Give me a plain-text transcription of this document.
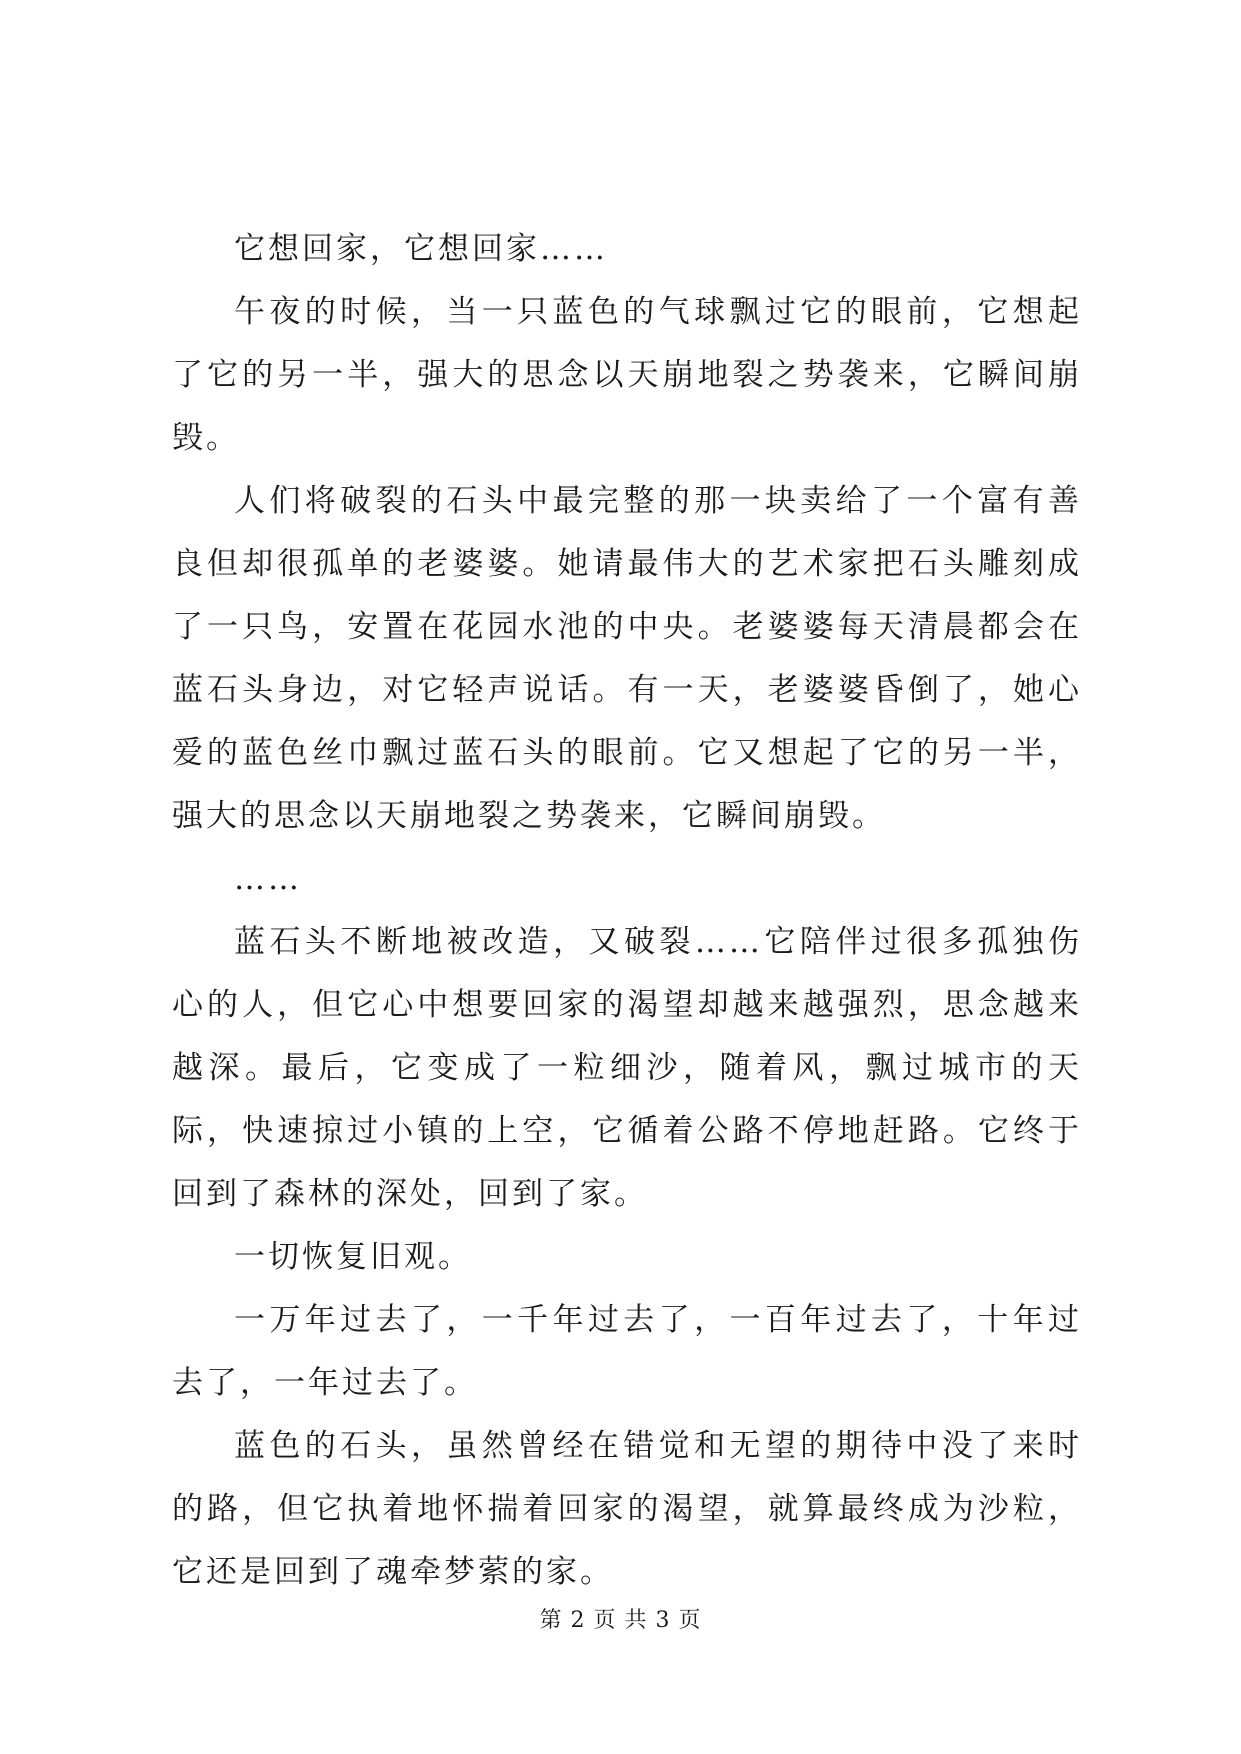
它想回家，它想回家……

午夜的时候，当一只蓝色的气球飘过它的眼前，它想起了它的另一半，强大的思念以天崩地裂之势袭来，它瞬间崩毁。

人们将破裂的石头中最完整的那一块卖给了一个富有善良但却很孤单的老婆婆。她请最伟大的艺术家把石头雕刻成了一只鸟，安置在花园水池的中央。老婆婆每天清晨都会在蓝石头身边，对它轻声说话。有一天，老婆婆昏倒了，她心爱的蓝色丝巾飘过蓝石头的眼前。它又想起了它的另一半，强大的思念以天崩地裂之势袭来，它瞬间崩毁。

……

蓝石头不断地被改造，又破裂……它陪伴过很多孤独伤心的人，但它心中想要回家的渴望却越来越强烈，思念越来越深。最后，它变成了一粒细沙，随着风，飘过城市的天际，快速掠过小镇的上空，它循着公路不停地赶路。它终于回到了森林的深处，回到了家。

一切恢复旧观。

一万年过去了，一千年过去了，一百年过去了，十年过去了，一年过去了。

蓝色的石头，虽然曾经在错觉和无望的期待中没了来时的路，但它执着地怀揣着回家的渴望，就算最终成为沙粒，它还是回到了魂牵梦萦的家。

第 2 页 共 3 页
